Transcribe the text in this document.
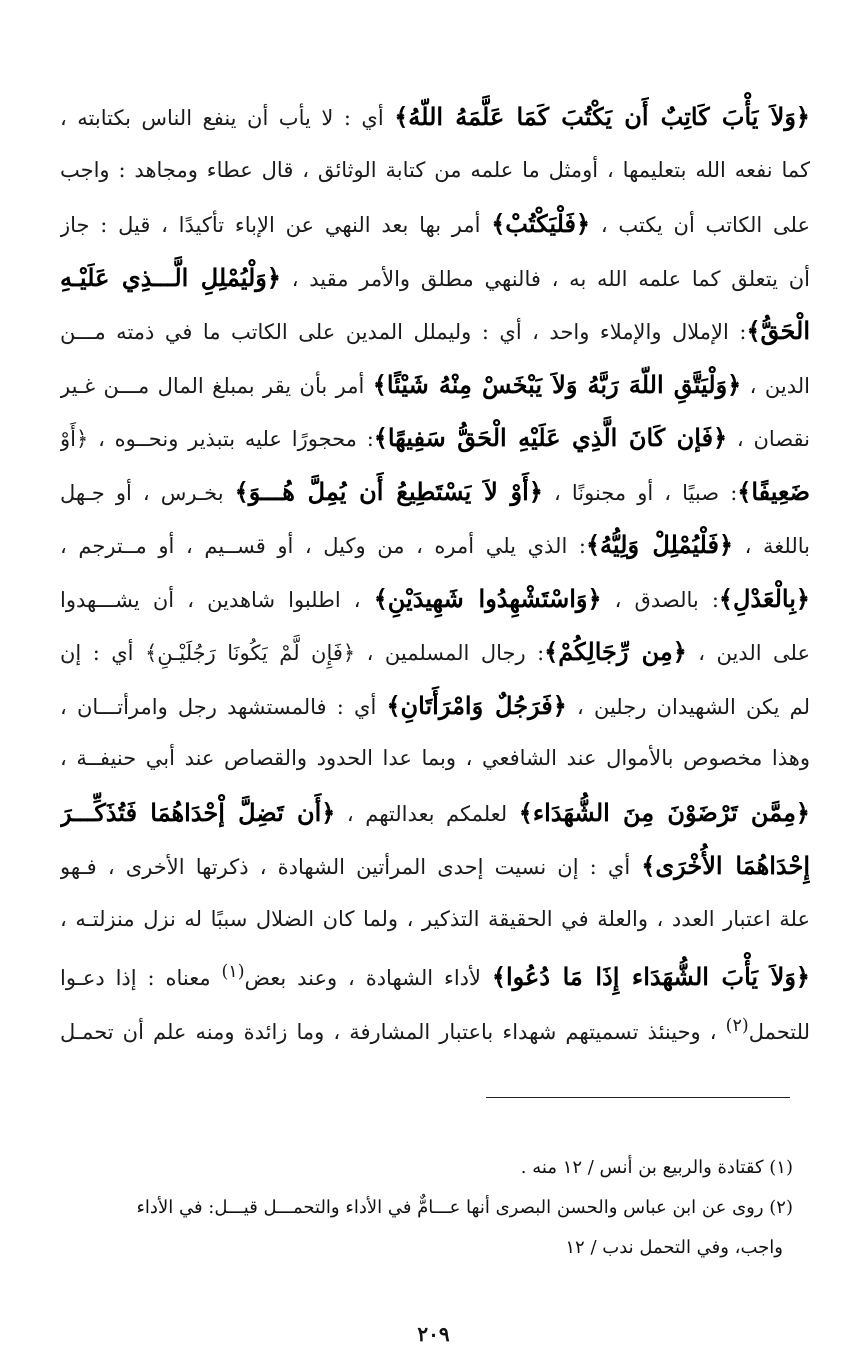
﴿وَلاَ يَأْبَ كَاتِبٌ أَن يَكْتُبَ كَمَا عَلَّمَهُ اللّهُ﴾ أي : لا يأب أن ينفع الناس بكتابته ،
كما نفعه الله بتعليمها ، أومثل ما علمه من كتابة الوثائق ، قال عطاء ومجاهد : واجب
على الكاتب أن يكتب ، ﴿فَلْيَكْتُبْ﴾ أمر بها بعد النهي عن الإباء تأكيدًا ، قيل : جاز
أن يتعلق كما علمه الله به ، فالنهي مطلق والأمر مقيد ، ﴿وَلْيُمْلِلِ الَّـــذِي عَلَيْـهِ
الْحَقُّ﴾: الإملال والإملاء واحد ، أي : وليملل المدين على الكاتب ما في ذمته مـــن
الدين ، ﴿وَلْيَتَّقِ اللّهَ رَبَّهُ وَلاَ يَبْخَسْ مِنْهُ شَيْئًا﴾ أمر بأن يقر بمبلغ المال مـــن غـير
نقصان ، ﴿فَإن كَانَ الَّذِي عَلَيْهِ الْحَقُّ سَفِيهًا﴾: محجورًا عليه بتبذير ونحــوه ، ﴿أَوْ
ضَعِيفًا﴾: صبيًا ، أو مجنونًا ، ﴿أَوْ لاَ يَسْتَطِيعُ أَن يُمِلَّ هُـــوَ﴾ بخـرس ، أو جـهل
باللغة ، ﴿فَلْيُمْلِلْ وَلِيُّهُ﴾: الذي يلي أمره ، من وكيل ، أو قســيم ، أو مــترجم ،
﴿بِالْعَدْلِ﴾: بالصدق ، ﴿وَاسْتَشْهِدُوا شَهِيدَيْنِ﴾ ، اطلبوا شاهدين ، أن يشـــهدوا
على الدين ، ﴿مِن رِّجَالِكُمْ﴾: رجال المسلمين ، ﴿فَإِن لَّمْ يَكُونَا رَجُلَيْـنِ﴾ أي : إن
لم يكن الشهيدان رجلين ، ﴿فَرَجُلٌ وَامْرَأَتَانِ﴾ أي : فالمستشهد رجل وامرأتـــان ،
وهذا مخصوص بالأموال عند الشافعي ، وبما عدا الحدود والقصاص عند أبي حنيفــة ،
﴿مِمَّن تَرْضَوْنَ مِنَ الشُّهَدَاء﴾ لعلمكم بعدالتهم ، ﴿أَن تَضِلَّ إْحْدَاهُمَا فَتُذَكِّـــرَ
إِحْدَاهُمَا الأُخْرَى﴾ أي : إن نسيت إحدى المرأتين الشهادة ، ذكرتها الأخرى ، فـهو
علة اعتبار العدد ، والعلة في الحقيقة التذكير ، ولما كان الضلال سببًا له نزل منزلتـه ،
﴿وَلاَ يَأْبَ الشُّهَدَاء إِذَا مَا دُعُوا﴾ لأداء الشهادة ، وعند بعض$^{(١)}$ معناه : إذا دعـوا
للتحمل$^{(٢)}$ ، وحينئذ تسميتهم شهداء باعتبار المشارفة ، وما زائدة ومنه علم أن تحمـل
(١) كقتادة والربيع بن أنس / ١٢ منه .
(٢) روى عن ابن عباس والحسن البصرى أنها عـــامٌّ في الأداء والتحمـــل قيـــل: في الأداء
واجب، وفي التحمل ندب / ١٢
٢٠٩
